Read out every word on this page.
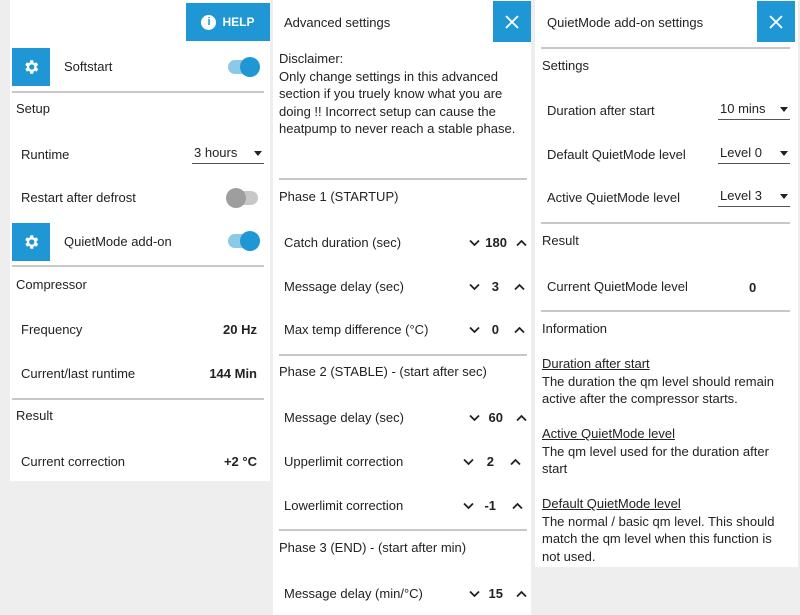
i HELP
Softstart
Setup
Runtime	3 hours
Restart after defrost
QuietMode add-on
Compressor
Frequency	20 Hz
Current/last runtime	144 Min
Result
Current correction	+2 °C
Advanced settings
Disclaimer:
Only change settings in this advanced
section if you truely know what you are
doing !! Incorrect setup can cause the
heatpump to never reach a stable phase.
Phase 1 (STARTUP)
Catch duration (sec)	180
Message delay (sec)	3
Max temp difference (°C)	0
Phase 2 (STABLE) - (start after sec)
Message delay (sec)	60
Upperlimit correction	2
Lowerlimit correction	-1
Phase 3 (END) - (start after min)
Message delay (min/°C)	15
QuietMode add-on settings
Settings
Duration after start	10 mins
Default QuietMode level	Level 0
Active QuietMode level	Level 3
Result
Current QuietMode level	0
Information
Duration after start
The duration the qm level should remain
active after the compressor starts.
Active QuietMode level
The qm level used for the duration after
start
Default QuietMode level
The normal / basic qm level. This should
match the qm level when this function is
not used.
